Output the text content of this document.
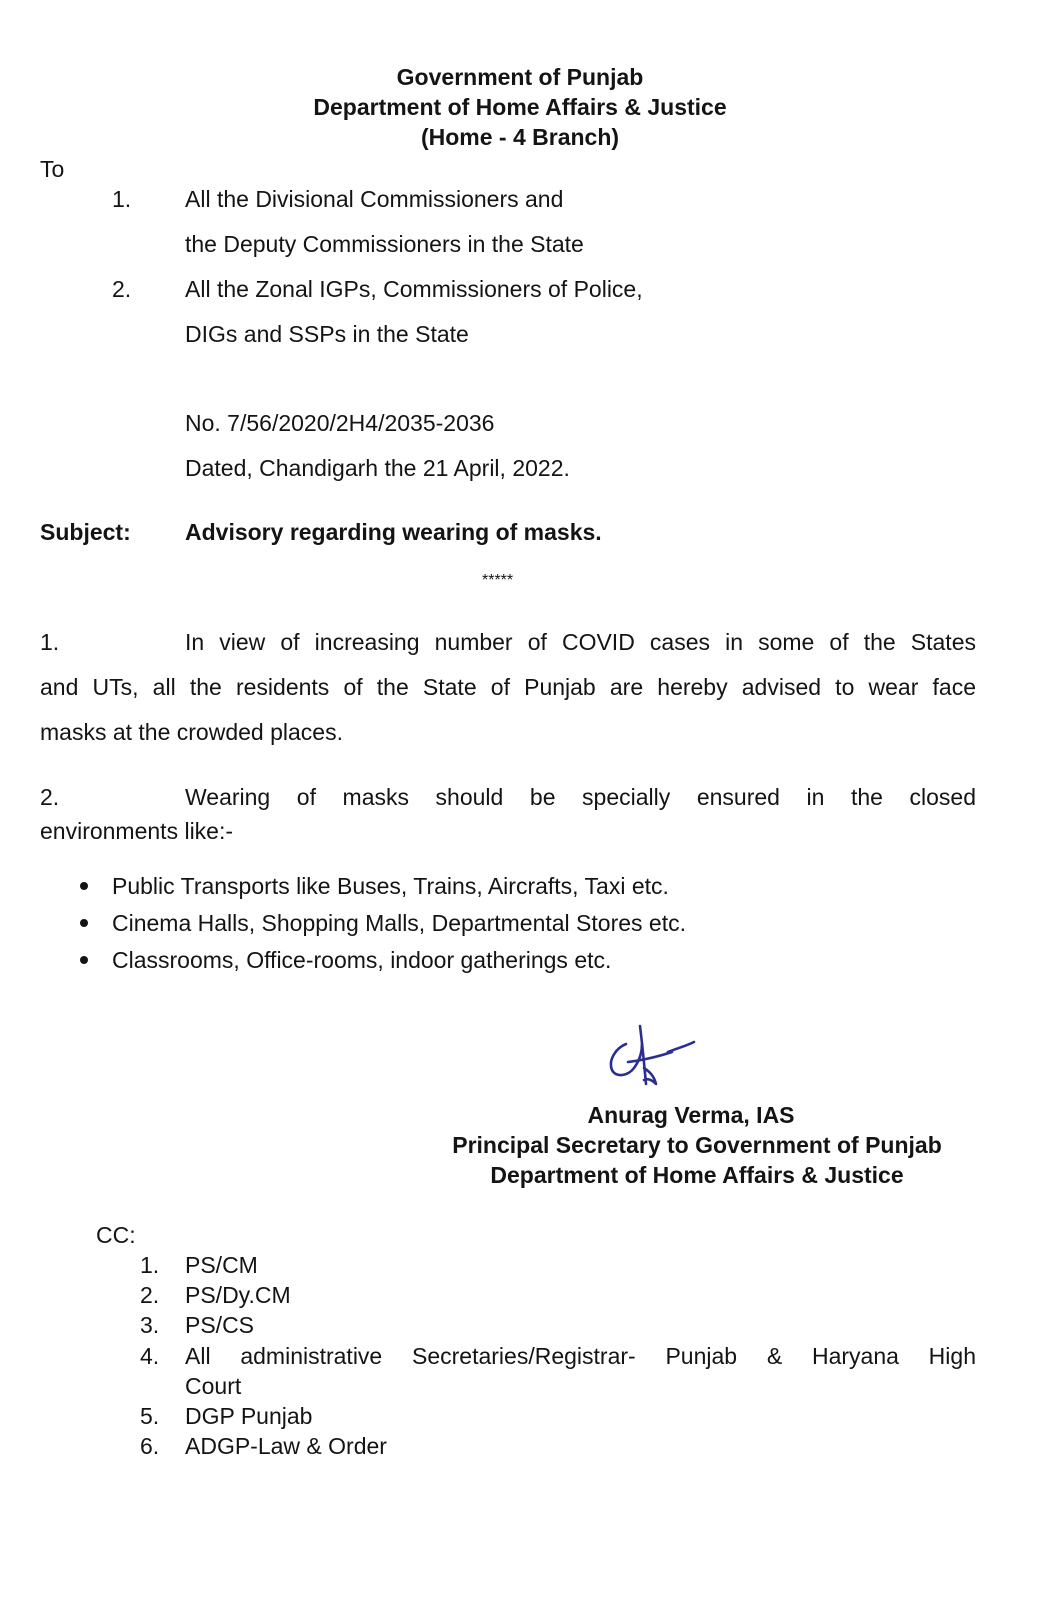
Government of Punjab
Department of Home Affairs & Justice
(Home - 4 Branch)
To
1. All the Divisional Commissioners and
the Deputy Commissioners in the State
2. All the Zonal IGPs, Commissioners of Police,
DIGs and SSPs in the State
No. 7/56/2020/2H4/2035-2036
Dated, Chandigarh the 21 April, 2022.
Subject: Advisory regarding wearing of masks.
*****
1.	In view of increasing number of COVID cases in some of the States
and UTs, all the residents of the State of Punjab are hereby advised to wear face
masks at the crowded places.
2.	Wearing of masks should be specially ensured in the closed
environments like:-
Public Transports like Buses, Trains, Aircrafts, Taxi etc.
Cinema Halls, Shopping Malls, Departmental Stores etc.
Classrooms, Office-rooms, indoor gatherings etc.
Anurag Verma, IAS
Principal Secretary to Government of Punjab
Department of Home Affairs & Justice
CC:
1. PS/CM
2. PS/Dy.CM
3. PS/CS
4. All administrative Secretaries/Registrar- Punjab & Haryana High
Court
5. DGP Punjab
6. ADGP-Law & Order
